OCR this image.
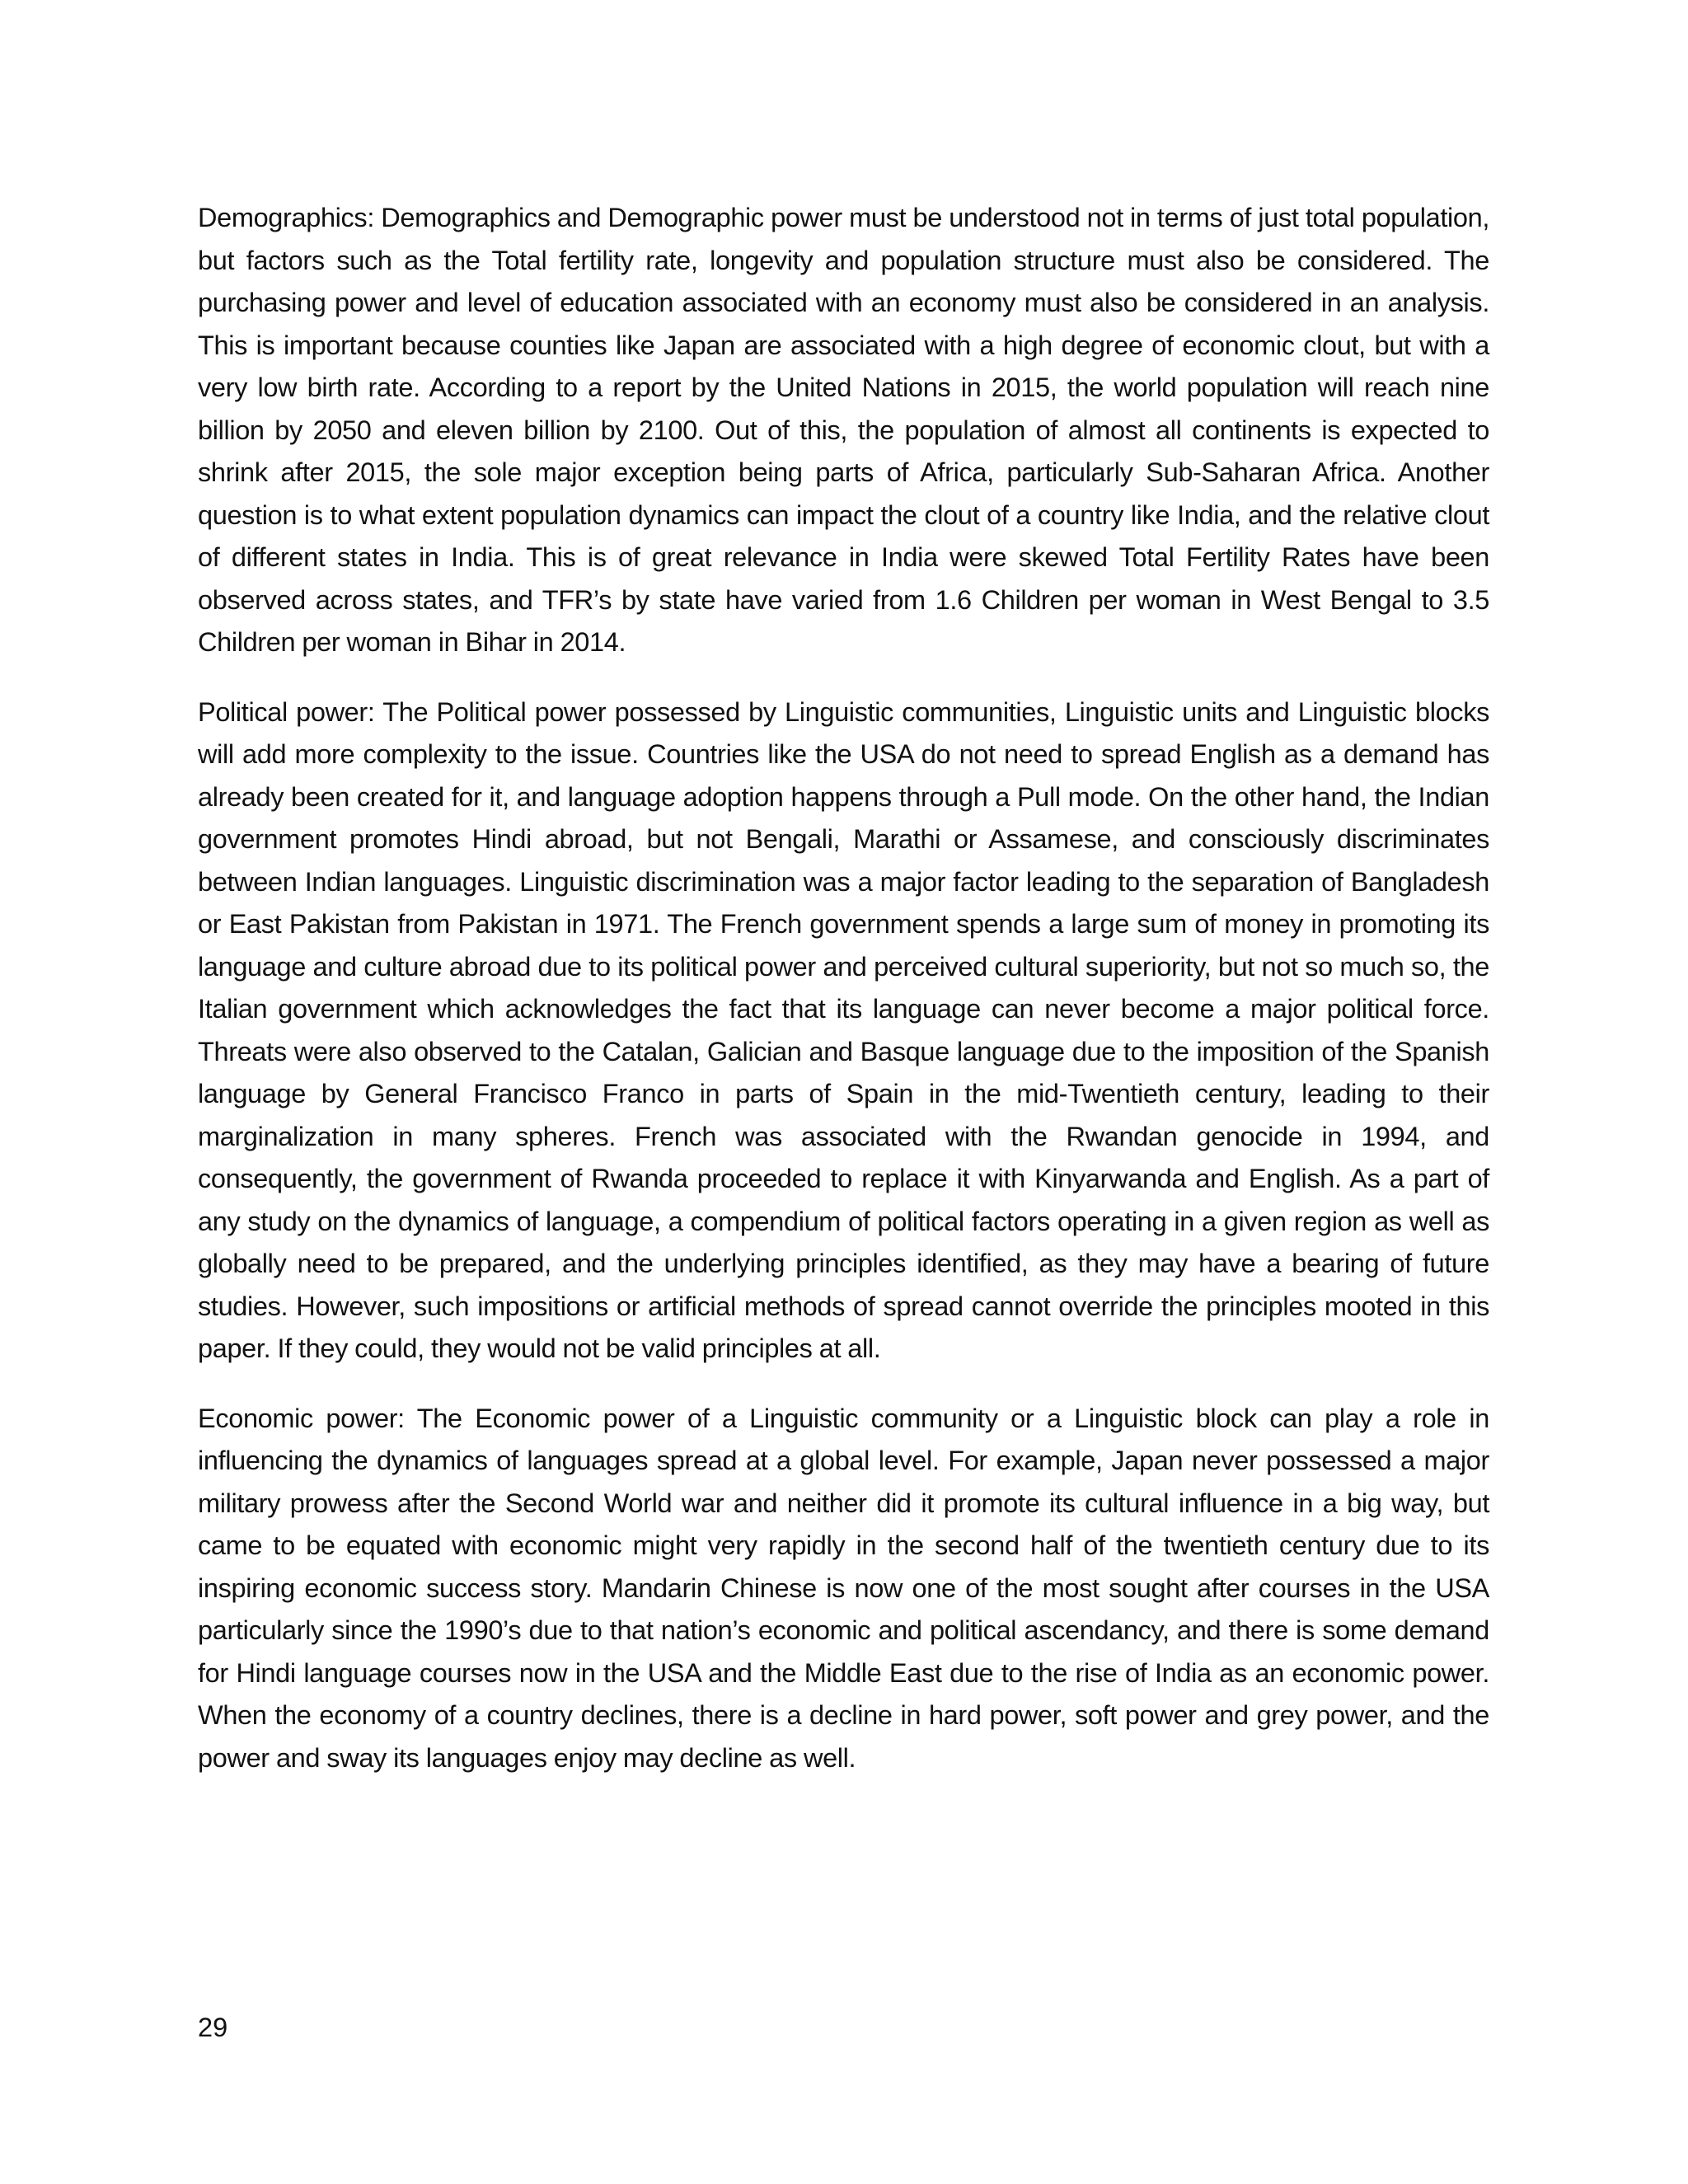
Demographics: Demographics and Demographic power must be understood not in terms of just total population, but factors such as the Total fertility rate, longevity and population structure must also be considered. The purchasing power and level of education associated with an economy must also be considered in an analysis. This is important because counties like Japan are associated with a high degree of economic clout, but with a very low birth rate. According to a report by the United Nations in 2015, the world population will reach nine billion by 2050 and eleven billion by 2100. Out of this, the population of almost all continents is expected to shrink after 2015, the sole major exception being parts of Africa, particularly Sub-Saharan Africa. Another question is to what extent population dynamics can impact the clout of a country like India, and the relative clout of different states in India. This is of great relevance in India were skewed Total Fertility Rates have been observed across states, and TFR’s by state have varied from 1.6 Children per woman in West Bengal to 3.5 Children per woman in Bihar in 2014.

Political power: The Political power possessed by Linguistic communities, Linguistic units and Linguistic blocks will add more complexity to the issue. Countries like the USA do not need to spread English as a demand has already been created for it, and language adoption happens through a Pull mode. On the other hand, the Indian government promotes Hindi abroad, but not Bengali, Marathi or Assamese, and consciously discriminates between Indian languages. Linguistic discrimination was a major factor leading to the separation of Bangladesh or East Pakistan from Pakistan in 1971. The French government spends a large sum of money in promoting its language and culture abroad due to its political power and perceived cultural superiority, but not so much so, the Italian government which acknowledges the fact that its language can never become a major political force. Threats were also observed to the Catalan, Galician and Basque language due to the imposition of the Spanish language by General Francisco Franco in parts of Spain in the mid-Twentieth century, leading to their marginalization in many spheres. French was associated with the Rwandan genocide in 1994, and consequently, the government of Rwanda proceeded to replace it with Kinyarwanda and English. As a part of any study on the dynamics of language, a compendium of political factors operating in a given region as well as globally need to be prepared, and the underlying principles identified, as they may have a bearing of future studies. However, such impositions or artificial methods of spread cannot override the principles mooted in this paper. If they could, they would not be valid principles at all.

Economic power: The Economic power of a Linguistic community or a Linguistic block can play a role in influencing the dynamics of languages spread at a global level. For example, Japan never possessed a major military prowess after the Second World war and neither did it promote its cultural influence in a big way, but came to be equated with economic might very rapidly in the second half of the twentieth century due to its inspiring economic success story. Mandarin Chinese is now one of the most sought after courses in the USA particularly since the 1990’s due to that nation’s economic and political ascendancy, and there is some demand for Hindi language courses now in the USA and the Middle East due to the rise of India as an economic power. When the economy of a country declines, there is a decline in hard power, soft power and grey power, and the power and sway its languages enjoy may decline as well.

29
